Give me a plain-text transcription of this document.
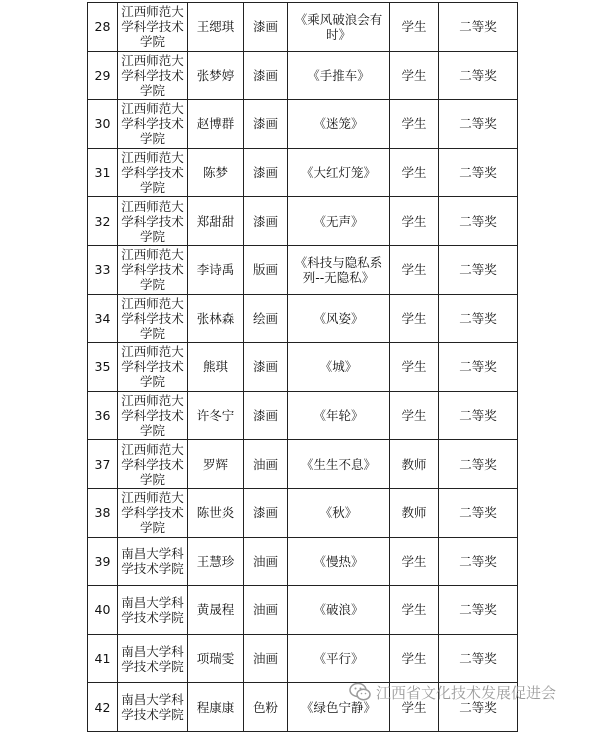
28	江西师范大学科学技术学院	王缌琪	漆画	《乘风破浪会有时》	学生	二等奖
29	江西师范大学科学技术学院	张梦婷	漆画	《手推车》	学生	二等奖
30	江西师范大学科学技术学院	赵博群	漆画	《迷笼》	学生	二等奖
31	江西师范大学科学技术学院	陈梦	漆画	《大红灯笼》	学生	二等奖
32	江西师范大学科学技术学院	郑甜甜	漆画	《无声》	学生	二等奖
33	江西师范大学科学技术学院	李诗禹	版画	《科技与隐私系列--无隐私》	学生	二等奖
34	江西师范大学科学技术学院	张林森	绘画	《风姿》	学生	二等奖
35	江西师范大学科学技术学院	熊琪	漆画	《城》	学生	二等奖
36	江西师范大学科学技术学院	许冬宁	漆画	《年轮》	学生	二等奖
37	江西师范大学科学技术学院	罗辉	油画	《生生不息》	教师	二等奖
38	江西师范大学科学技术学院	陈世炎	漆画	《秋》	教师	二等奖
39	南昌大学科学技术学院	王慧珍	油画	《慢热》	学生	二等奖
40	南昌大学科学技术学院	黄晟程	油画	《破浪》	学生	二等奖
41	南昌大学科学技术学院	项瑞雯	油画	《平行》	学生	二等奖
42	南昌大学科学技术学院	程康康	色粉	《绿色宁静》	学生	二等奖
江西省文化技术发展促进会
